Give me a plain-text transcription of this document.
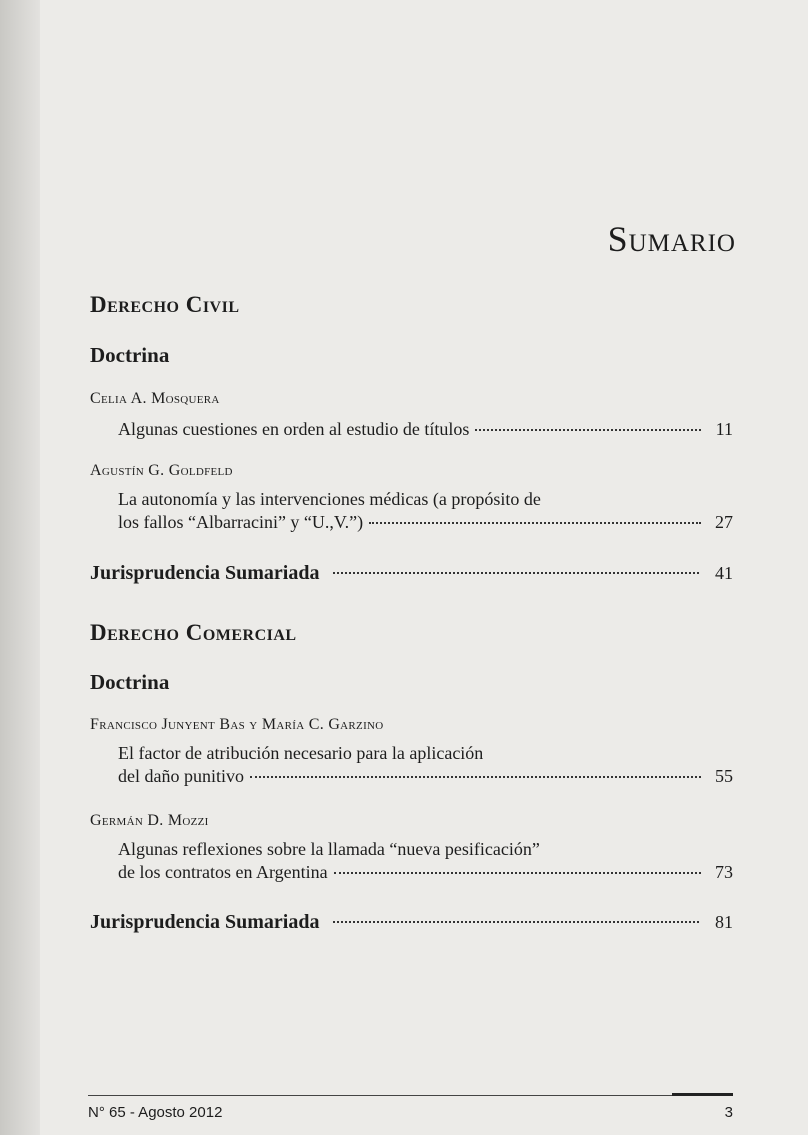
Sumario
Derecho Civil
Doctrina
Celia A. Mosquera
Algunas cuestiones en orden al estudio de títulos	11
Agustín G. Goldfeld
La autonomía y las intervenciones médicas (a propósito de
los fallos “Albarracini” y “U.,V.”)	27
Jurisprudencia Sumariada	41
Derecho Comercial
Doctrina
Francisco Junyent Bas y María C. Garzino
El factor de atribución necesario para la aplicación
del daño punitivo	55
Germán D. Mozzi
Algunas reflexiones sobre la llamada “nueva pesificación”
de los contratos en Argentina	73
Jurisprudencia Sumariada	81
N° 65 - Agosto 2012	3
